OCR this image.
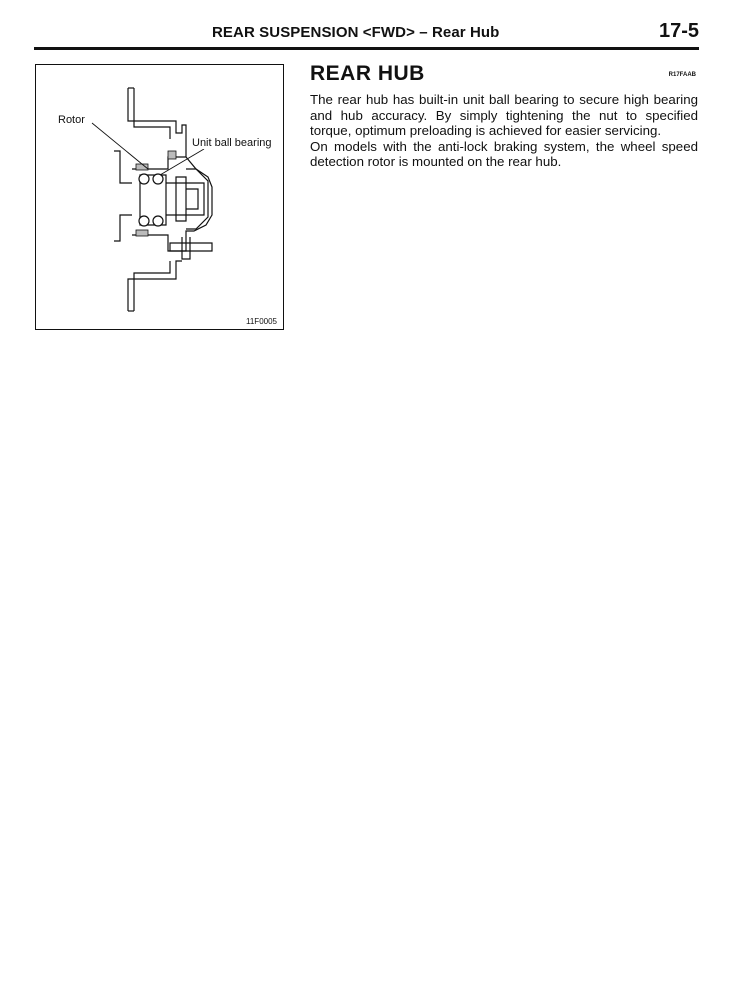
REAR SUSPENSION <FWD> – Rear Hub	17-5
Rotor
Unit ball bearing
11F0005
REAR HUB	R17FAAB

The rear hub has built-in unit ball bearing to secure high bearing and hub accuracy. By simply tightening the nut to specified torque, optimum preloading is achieved for easier servicing.

On models with the anti-lock braking system, the wheel speed detection rotor is mounted on the rear hub.
